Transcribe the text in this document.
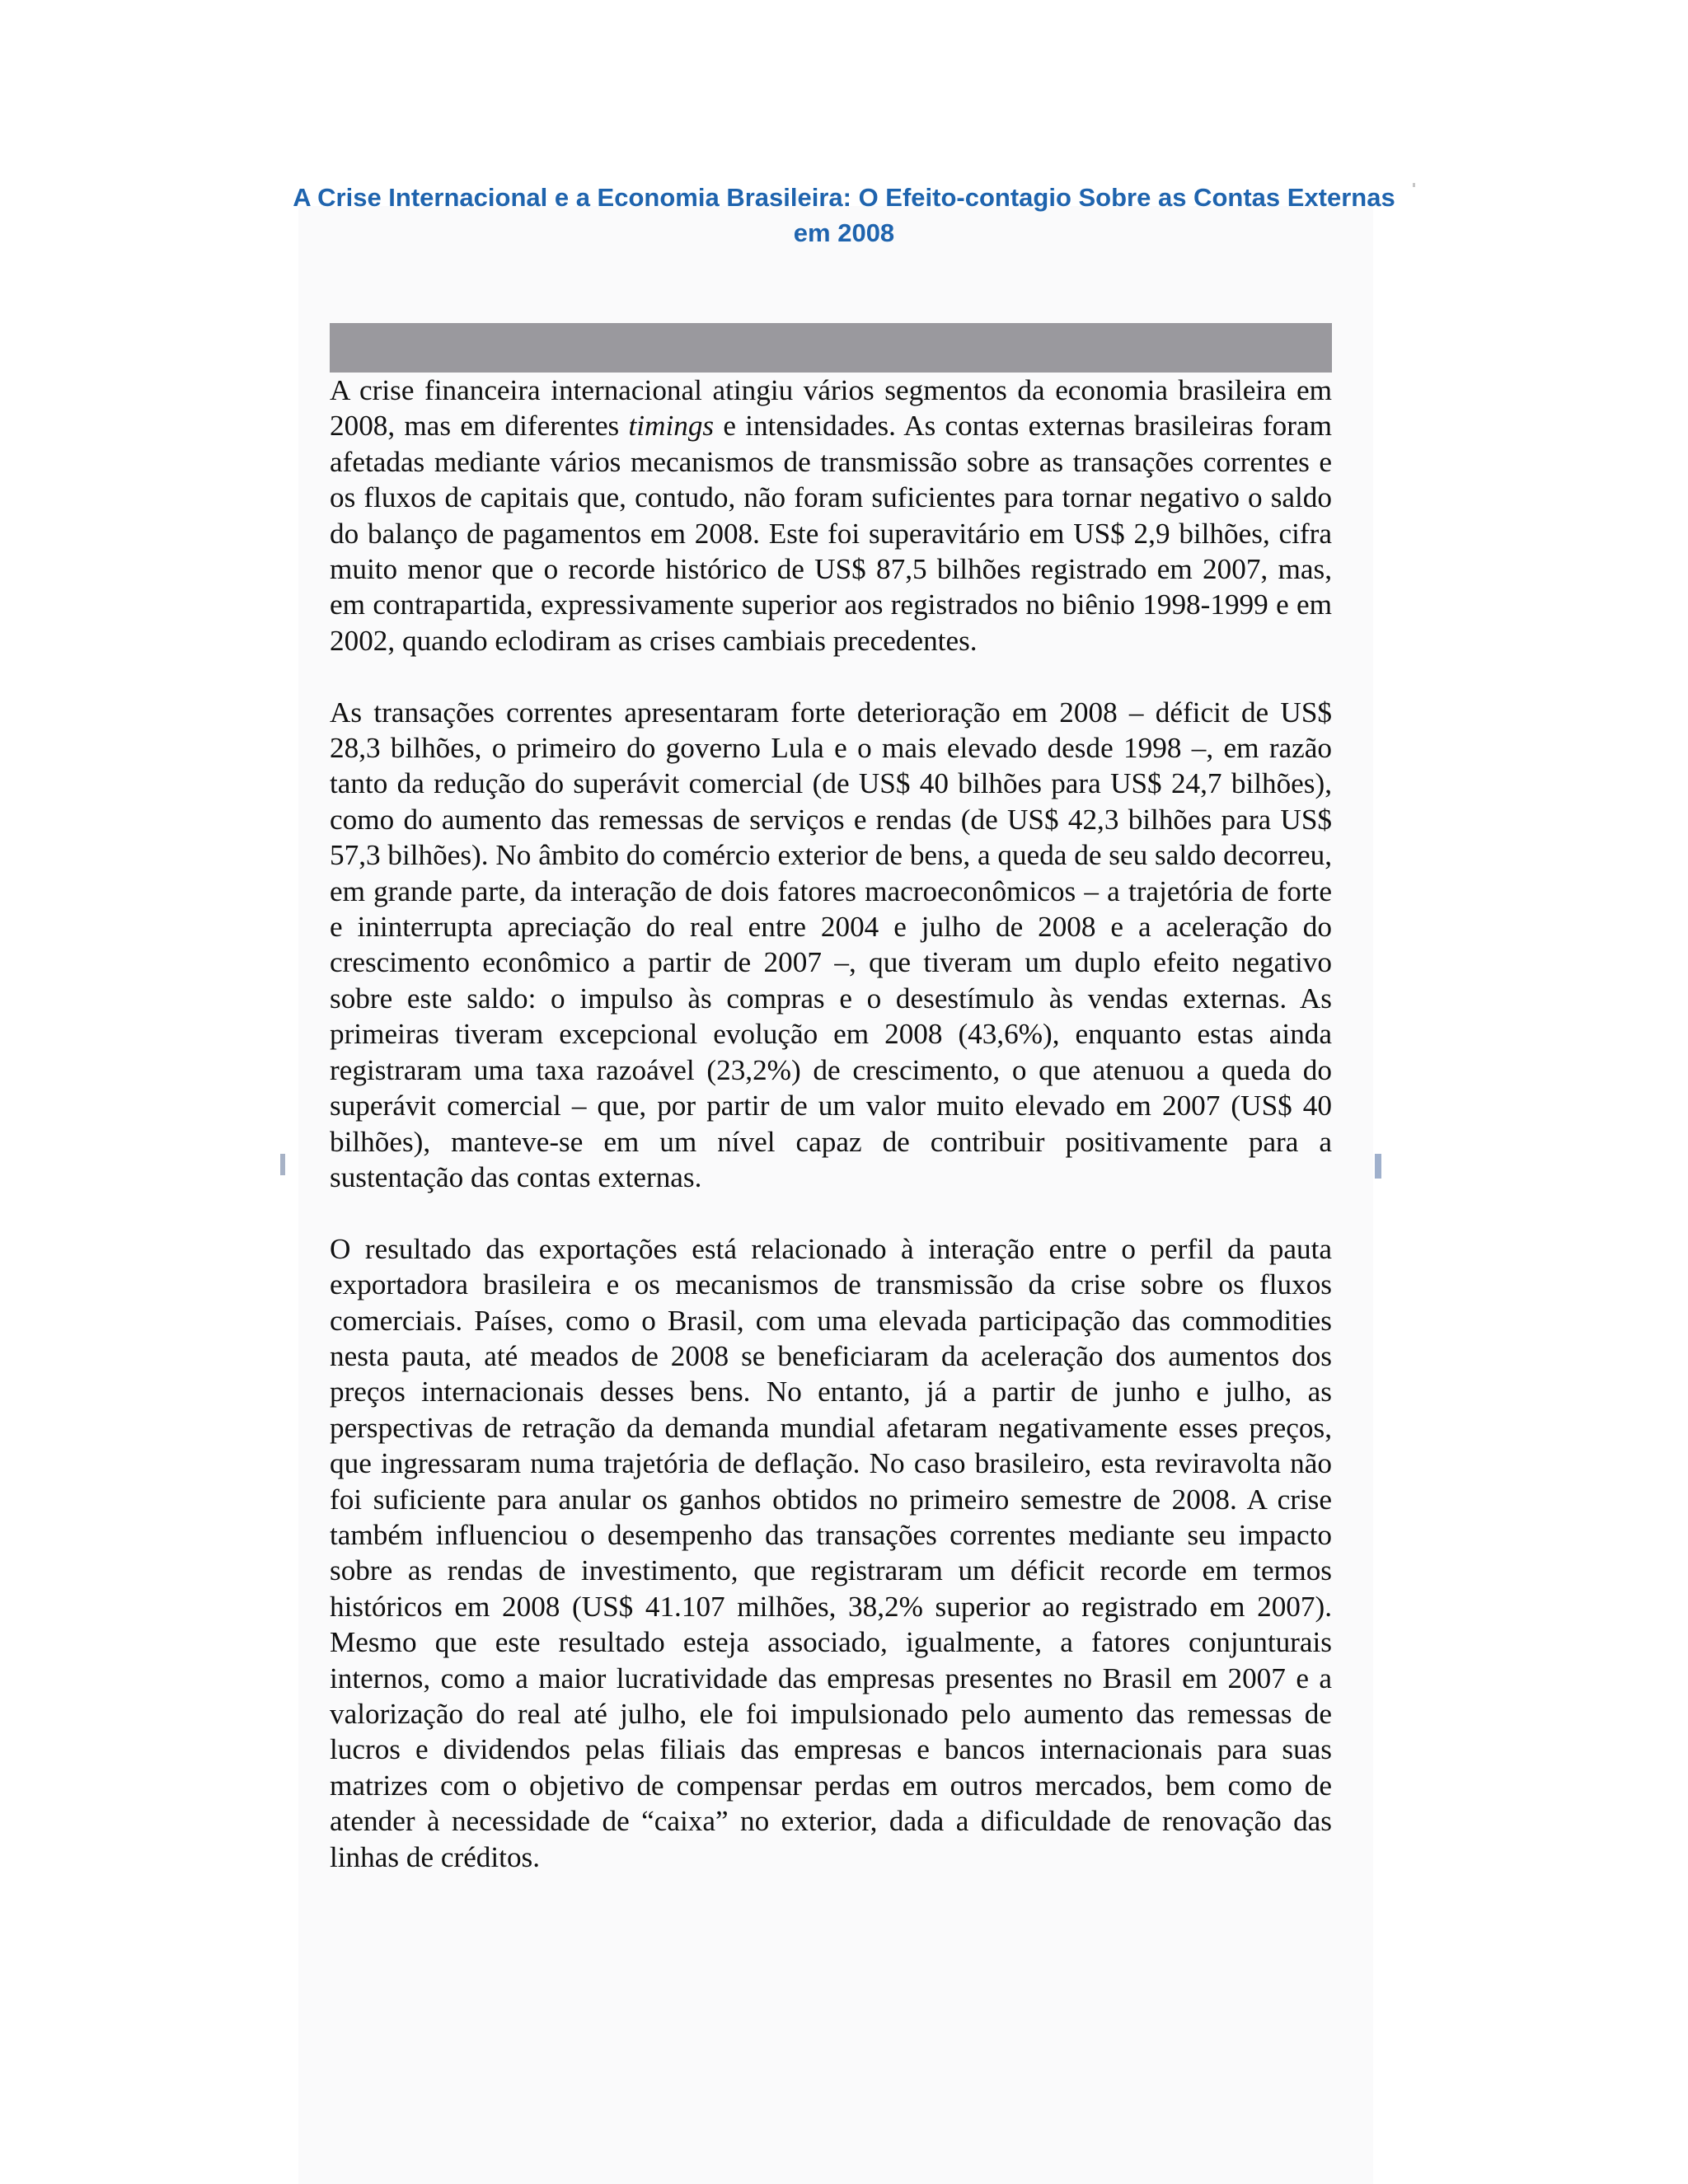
A Crise Internacional e a Economia Brasileira: O Efeito-contagio Sobre as Contas Externas em 2008

A crise financeira internacional atingiu vários segmentos da economia brasileira em 2008, mas em diferentes timings e intensidades. As contas externas brasileiras foram afetadas mediante vários mecanismos de transmissão sobre as transações correntes e os fluxos de capitais que, contudo, não foram suficientes para tornar negativo o saldo do balanço de pagamentos em 2008. Este foi superavitário em US$ 2,9 bilhões, cifra muito menor que o recorde histórico de US$ 87,5 bilhões registrado em 2007, mas, em contrapartida, expressivamente superior aos registrados no biênio 1998-1999 e em 2002, quando eclodiram as crises cambiais precedentes.

As transações correntes apresentaram forte deterioração em 2008 – déficit de US$ 28,3 bilhões, o primeiro do governo Lula e o mais elevado desde 1998 –, em razão tanto da redução do superávit comercial (de US$ 40 bilhões para US$ 24,7 bilhões), como do aumento das remessas de serviços e rendas (de US$ 42,3 bilhões para US$ 57,3 bilhões). No âmbito do comércio exterior de bens, a queda de seu saldo decorreu, em grande parte, da interação de dois fatores macroeconômicos – a trajetória de forte e ininterrupta apreciação do real entre 2004 e julho de 2008 e a aceleração do crescimento econômico a partir de 2007 –, que tiveram um duplo efeito negativo sobre este saldo: o impulso às compras e o desestímulo às vendas externas. As primeiras tiveram excepcional evolução em 2008 (43,6%), enquanto estas ainda registraram uma taxa razoável (23,2%) de crescimento, o que atenuou a queda do superávit comercial – que, por partir de um valor muito elevado em 2007 (US$ 40 bilhões), manteve-se em um nível capaz de contribuir positivamente para a sustentação das contas externas.

O resultado das exportações está relacionado à interação entre o perfil da pauta exportadora brasileira e os mecanismos de transmissão da crise sobre os fluxos comerciais. Países, como o Brasil, com uma elevada participação das commodities nesta pauta, até meados de 2008 se beneficiaram da aceleração dos aumentos dos preços internacionais desses bens. No entanto, já a partir de junho e julho, as perspectivas de retração da demanda mundial afetaram negativamente esses preços, que ingressaram numa trajetória de deflação. No caso brasileiro, esta reviravolta não foi suficiente para anular os ganhos obtidos no primeiro semestre de 2008. A crise também influenciou o desempenho das transações correntes mediante seu impacto sobre as rendas de investimento, que registraram um déficit recorde em termos históricos em 2008 (US$ 41.107 milhões, 38,2% superior ao registrado em 2007). Mesmo que este resultado esteja associado, igualmente, a fatores conjunturais internos, como a maior lucratividade das empresas presentes no Brasil em 2007 e a valorização do real até julho, ele foi impulsionado pelo aumento das remessas de lucros e dividendos pelas filiais das empresas e bancos internacionais para suas matrizes com o objetivo de compensar perdas em outros mercados, bem como de atender à necessidade de “caixa” no exterior, dada a dificuldade de renovação das linhas de créditos.
